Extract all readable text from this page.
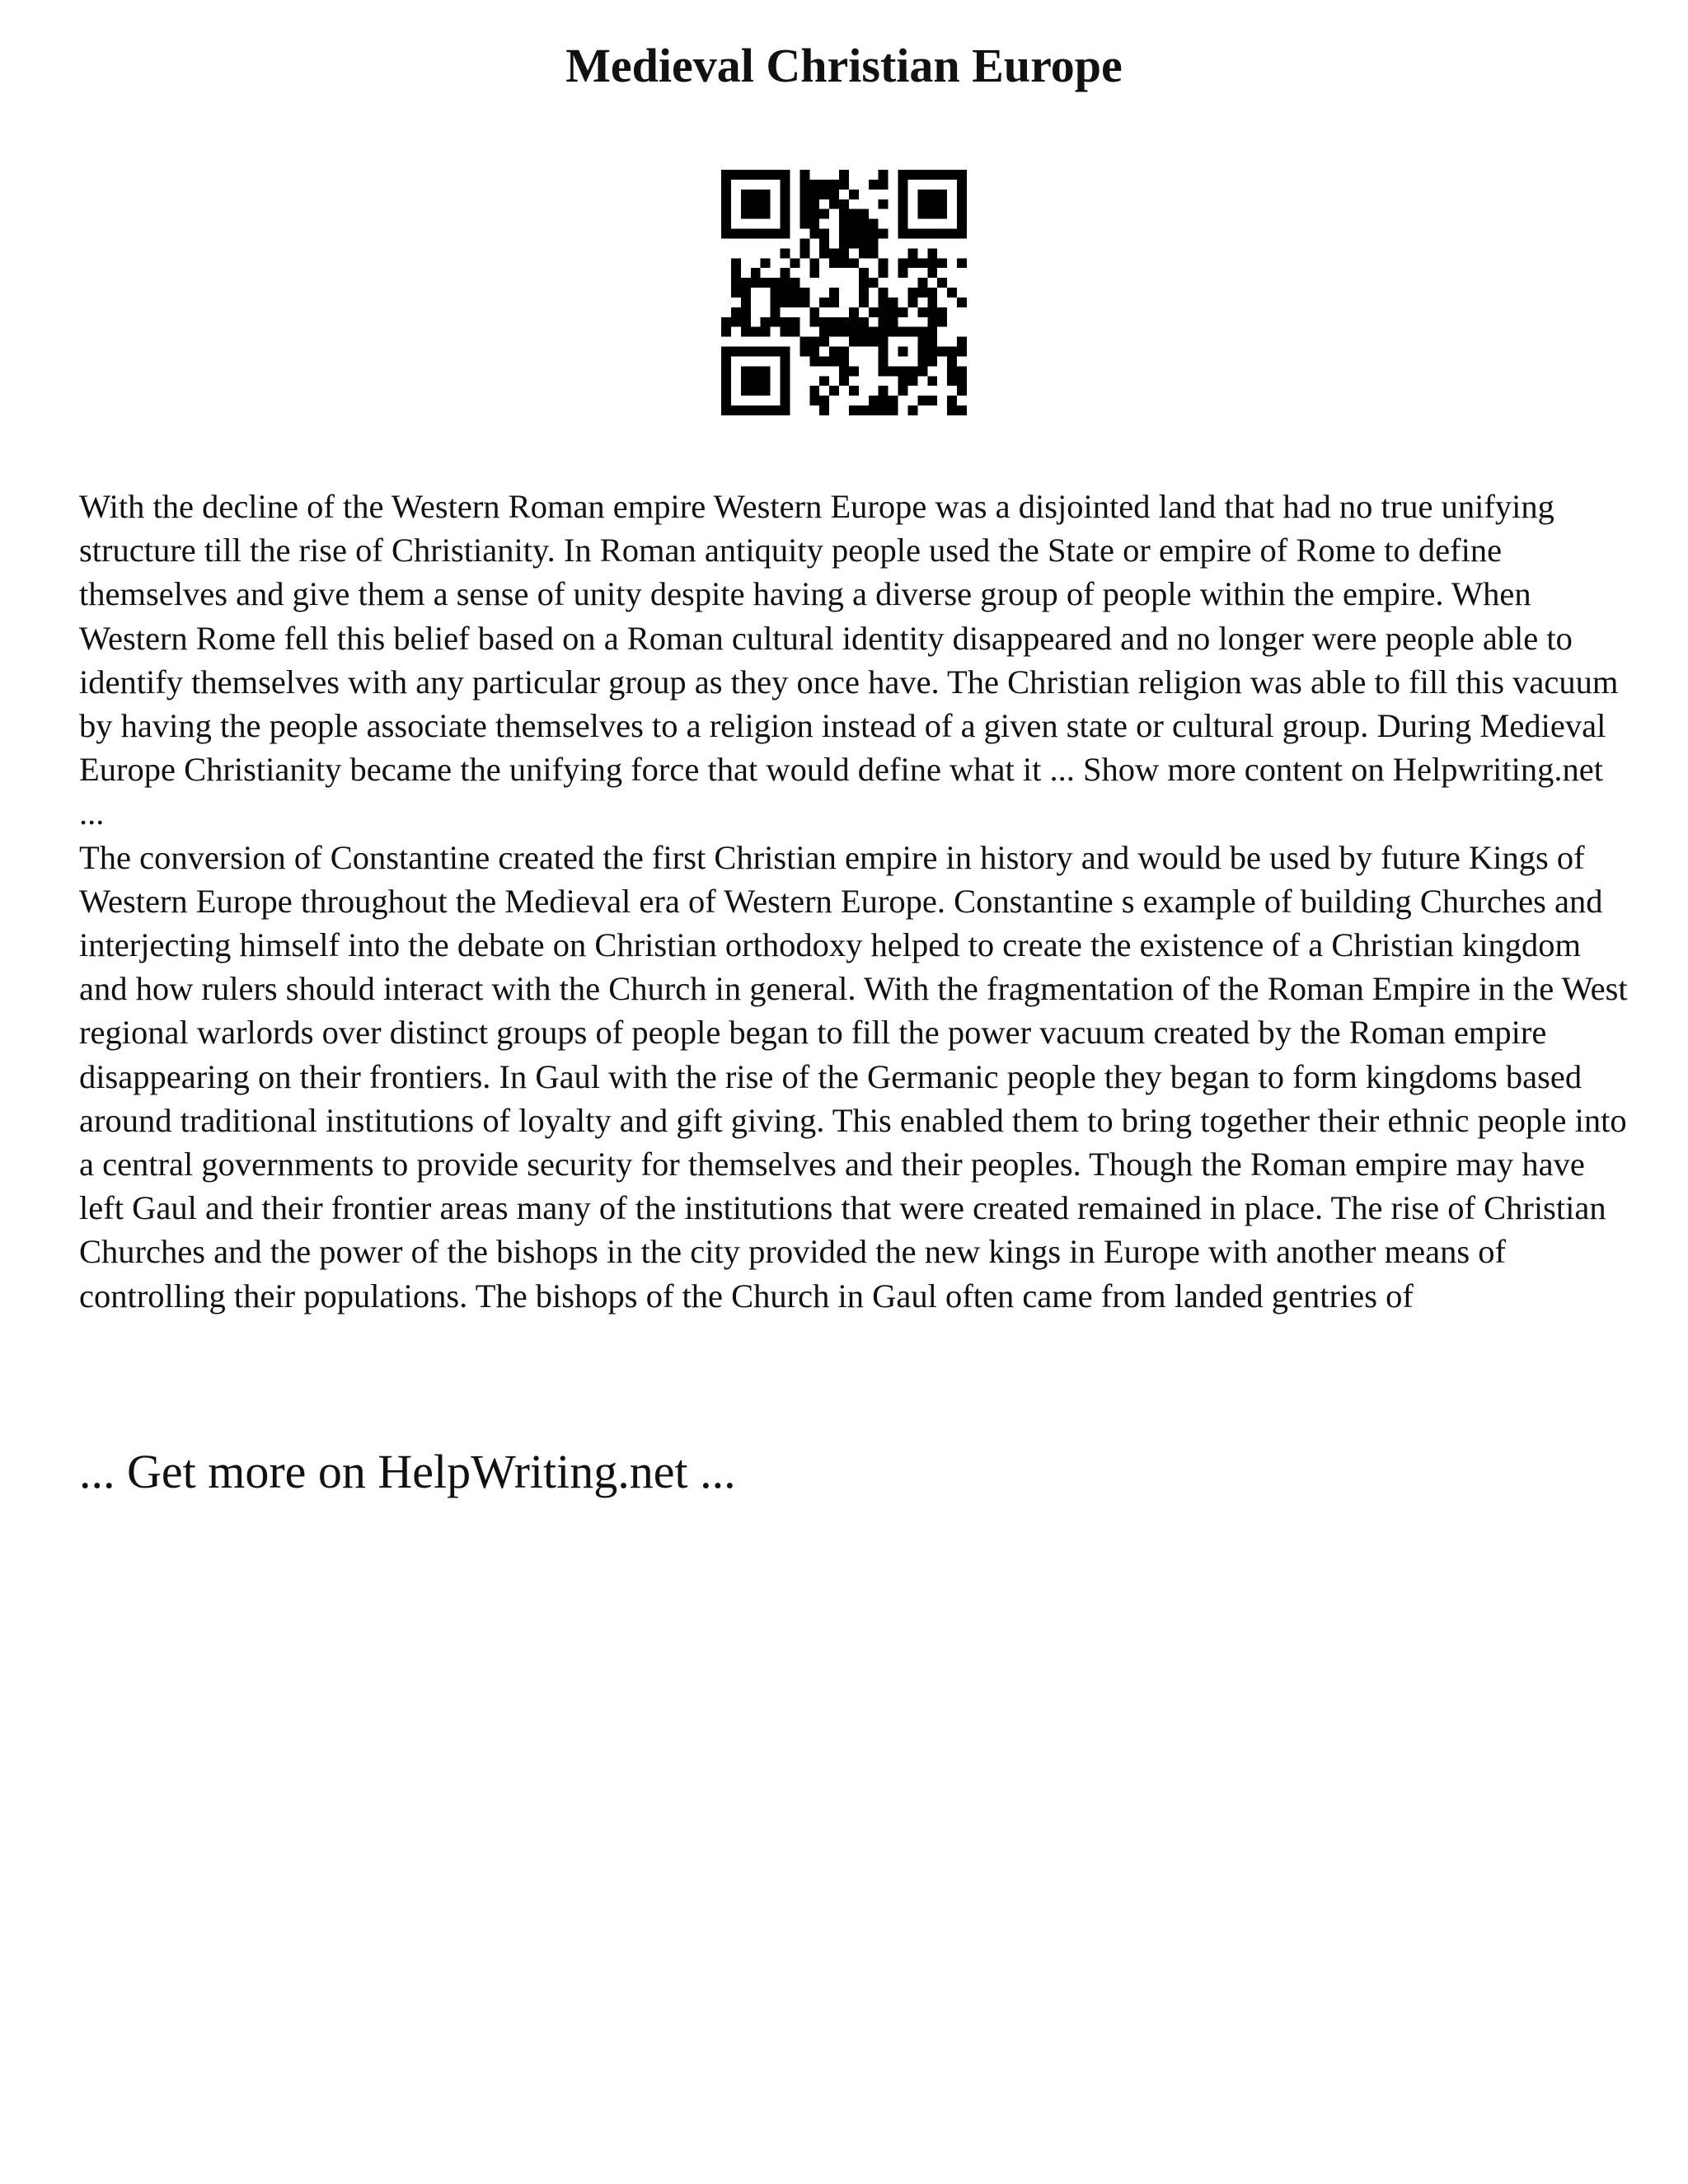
Medieval Christian Europe

With the decline of the Western Roman empire Western Europe was a disjointed land that had no true unifying structure till the rise of Christianity. In Roman antiquity people used the State or empire of Rome to define themselves and give them a sense of unity despite having a diverse group of people within the empire. When Western Rome fell this belief based on a Roman cultural identity disappeared and no longer were people able to identify themselves with any particular group as they once have. The Christian religion was able to fill this vacuum by having the people associate themselves to a religion instead of a given state or cultural group. During Medieval Europe Christianity became the unifying force that would define what it ... Show more content on Helpwriting.net ...

The conversion of Constantine created the first Christian empire in history and would be used by future Kings of Western Europe throughout the Medieval era of Western Europe. Constantine s example of building Churches and interjecting himself into the debate on Christian orthodoxy helped to create the existence of a Christian kingdom and how rulers should interact with the Church in general. With the fragmentation of the Roman Empire in the West regional warlords over distinct groups of people began to fill the power vacuum created by the Roman empire disappearing on their frontiers. In Gaul with the rise of the Germanic people they began to form kingdoms based around traditional institutions of loyalty and gift giving. This enabled them to bring together their ethnic people into a central governments to provide security for themselves and their peoples. Though the Roman empire may have left Gaul and their frontier areas many of the institutions that were created remained in place. The rise of Christian Churches and the power of the bishops in the city provided the new kings in Europe with another means of controlling their populations. The bishops of the Church in Gaul often came from landed gentries of

... Get more on HelpWriting.net ...
